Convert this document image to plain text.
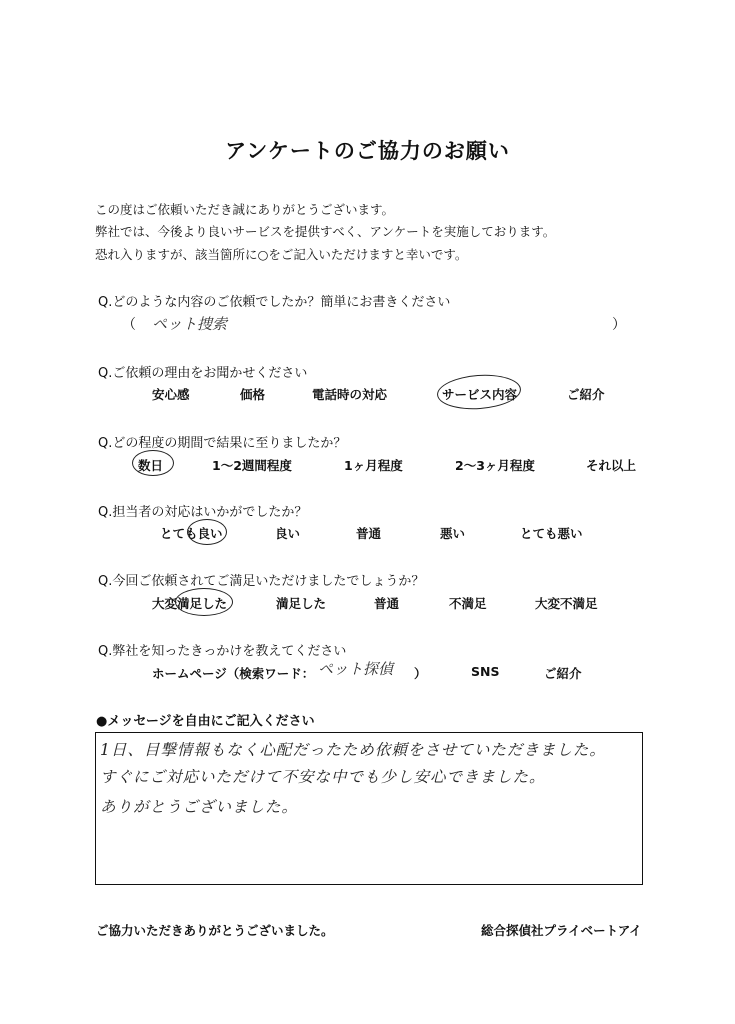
アンケートのご協力のお願い
この度はご依頼いただき誠にありがとうございます。
弊社では、今後より良いサービスを提供すべく、アンケートを実施しております。
恐れ入りますが、該当箇所に○をご記入いただけますと幸いです。
Q.どのような内容のご依頼でしたか？簡単にお書きください
（ ペット捜索	）
Q.ご依頼の理由をお聞かせください
安心感	価格	電話時の対応	サービス内容	ご紹介
Q.どの程度の期間で結果に至りましたか？
数日	1～2週間程度	1ヶ月程度	2～3ヶ月程度	それ以上
Q.担当者の対応はいかがでしたか？
とても良い	良い	普通	悪い	とても悪い
Q.今回ご依頼されてご満足いただけましたでしょうか？
大変満足した	満足した	普通	不満足	大変不満足
Q.弊社を知ったきっかけを教えてください
ホームページ（検索ワード： ペット探偵 ）	SNS	ご紹介
●メッセージを自由にご記入ください
1日、目撃情報もなく心配だったため依頼をさせていただきました。
すぐにご対応いただけて不安な中でも少し安心できました。
ありがとうございました。
ご協力いただきありがとうございました。	総合探偵社プライベートアイ
